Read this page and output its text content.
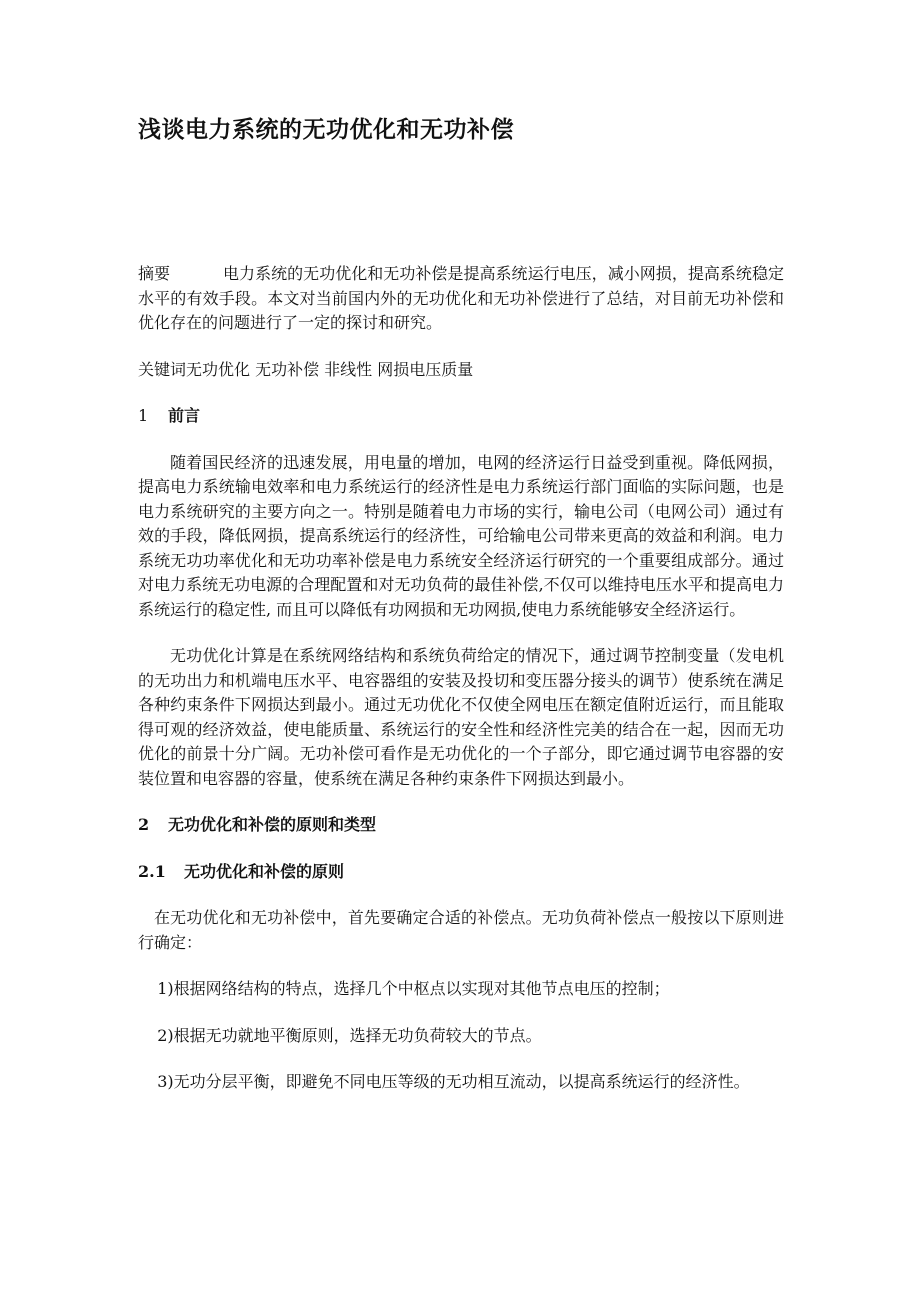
浅谈电力系统的无功优化和无功补偿

摘要	电力系统的无功优化和无功补偿是提高系统运行电压，减小网损，提高系统稳定水平的有效手段。本文对当前国内外的无功优化和无功补偿进行了总结，对目前无功补偿和优化存在的问题进行了一定的探讨和研究。

关键词无功优化 无功补偿 非线性 网损电压质量

1 前言

随着国民经济的迅速发展，用电量的增加，电网的经济运行日益受到重视。降低网损，提高电力系统输电效率和电力系统运行的经济性是电力系统运行部门面临的实际问题，也是电力系统研究的主要方向之一。特别是随着电力市场的实行，输电公司（电网公司）通过有效的手段，降低网损，提高系统运行的经济性，可给输电公司带来更高的效益和利润。电力系统无功功率优化和无功功率补偿是电力系统安全经济运行研究的一个重要组成部分。通过对电力系统无功电源的合理配置和对无功负荷的最佳补偿,不仅可以维持电压水平和提高电力系统运行的稳定性, 而且可以降低有功网损和无功网损,使电力系统能够安全经济运行。

无功优化计算是在系统网络结构和系统负荷给定的情况下，通过调节控制变量（发电机的无功出力和机端电压水平、电容器组的安装及投切和变压器分接头的调节）使系统在满足各种约束条件下网损达到最小。通过无功优化不仅使全网电压在额定值附近运行，而且能取得可观的经济效益，使电能质量、系统运行的安全性和经济性完美的结合在一起，因而无功优化的前景十分广阔。无功补偿可看作是无功优化的一个子部分，即它通过调节电容器的安装位置和电容器的容量，使系统在满足各种约束条件下网损达到最小。

2 无功优化和补偿的原则和类型

2.1 无功优化和补偿的原则

在无功优化和无功补偿中，首先要确定合适的补偿点。无功负荷补偿点一般按以下原则进行确定：

1)根据网络结构的特点，选择几个中枢点以实现对其他节点电压的控制；

2)根据无功就地平衡原则，选择无功负荷较大的节点。

3)无功分层平衡，即避免不同电压等级的无功相互流动，以提高系统运行的经济性。
